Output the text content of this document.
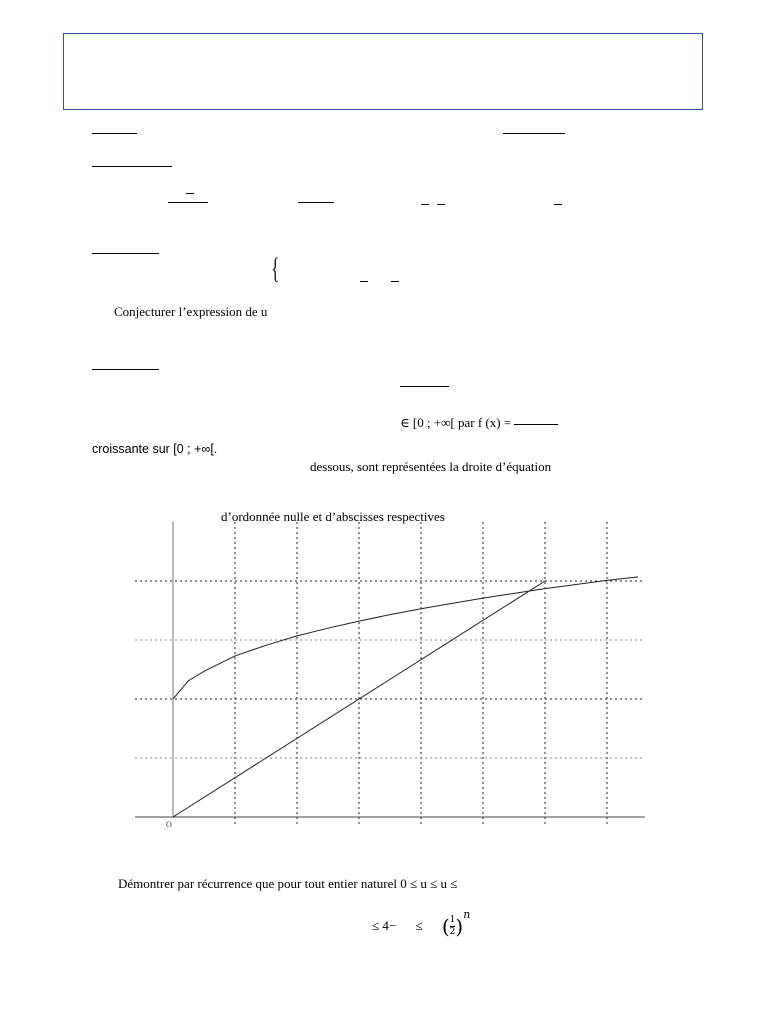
{
Conjecturer l’expression de u
∈ [0 ; +∞[ par f (x) =
croissante sur [0 ; +∞[.
dessous, sont représentées la droite d’équation
d’ordonnée nulle et d’abscisses respectives
O
Démontrer par récurrence que pour tout entier naturel 0 ≤ u ≤ u ≤
≤ 4− ≤ ( $\frac{1}{2} )^n$
